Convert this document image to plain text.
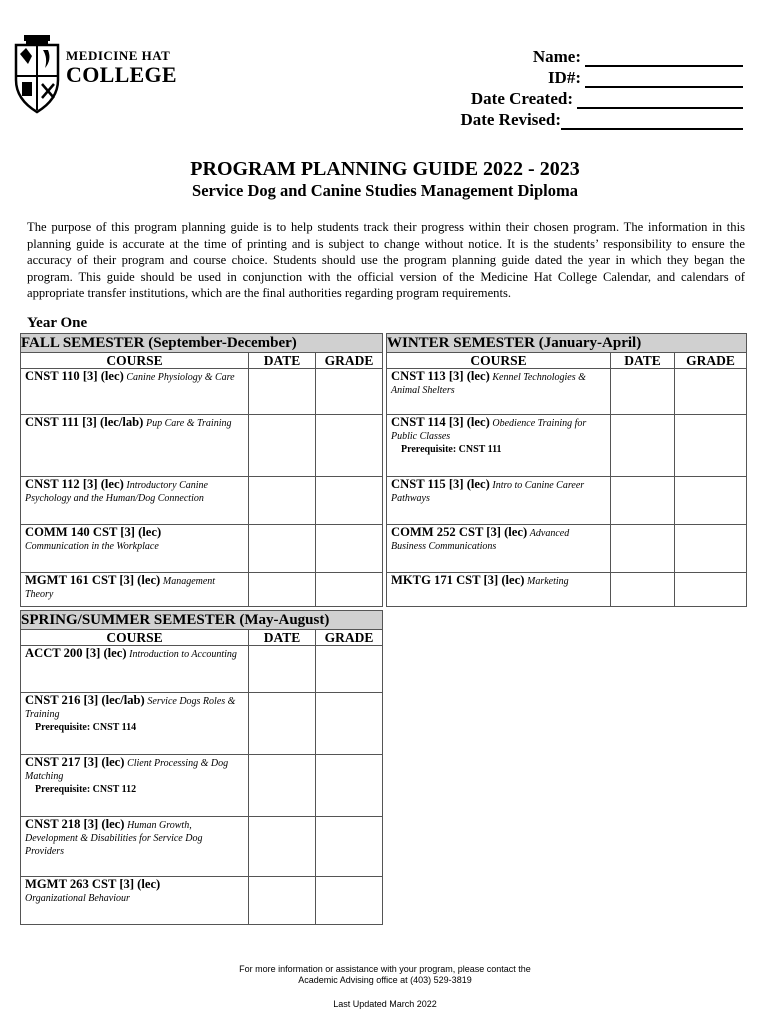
MEDICINE HAT
COLLEGE
Name:
ID#:
Date Created:
Date Revised:
PROGRAM PLANNING GUIDE 2022 - 2023
Service Dog and Canine Studies Management Diploma
The purpose of this program planning guide is to help students track their progress within their chosen program. The information in this planning guide is accurate at the time of printing and is subject to change without notice. It is the students’ responsibility to ensure the accuracy of their program and course choice. Students should use the program planning guide dated the year in which they began the program. This guide should be used in conjunction with the official version of the Medicine Hat College Calendar, and calendars of appropriate transfer institutions, which are the final authorities regarding program requirements.
Year One
FALL SEMESTER (September-December)		
COURSE	DATE	GRADE
CNST 110 [3] (lec) Canine Physiology & Care		
CNST 111 [3] (lec/lab) Pup Care & Training		
CNST 112 [3] (lec) Introductory Canine Psychology and the Human/Dog Connection		
COMM 140 CST [3] (lec)
Communication in the Workplace		
MGMT 161 CST [3] (lec) Management Theory		
WINTER SEMESTER (January-April)		
COURSE	DATE	GRADE
CNST 113 [3] (lec) Kennel Technologies & Animal Shelters		
CNST 114 [3] (lec) Obedience Training for Public Classes
Prerequisite: CNST 111		

CNST 115 [3] (lec) Intro to Canine Career Pathways		
COMM 252 CST [3] (lec) Advanced Business Communications		
MKTG 171 CST [3] (lec) Marketing		
SPRING/SUMMER SEMESTER (May-August)		
COURSE	DATE	GRADE
ACCT 200 [3] (lec) Introduction to Accounting		
CNST 216 [3] (lec/lab) Service Dogs Roles & Training
Prerequisite: CNST 114		

CNST 217 [3] (lec) Client Processing & Dog Matching
Prerequisite: CNST 112		

CNST 218 [3] (lec) Human Growth, Development & Disabilities for Service Dog Providers		
MGMT 263 CST [3] (lec)
Organizational Behaviour		
For more information or assistance with your program, please contact the
Academic Advising office at (403) 529-3819
Last Updated March 2022
